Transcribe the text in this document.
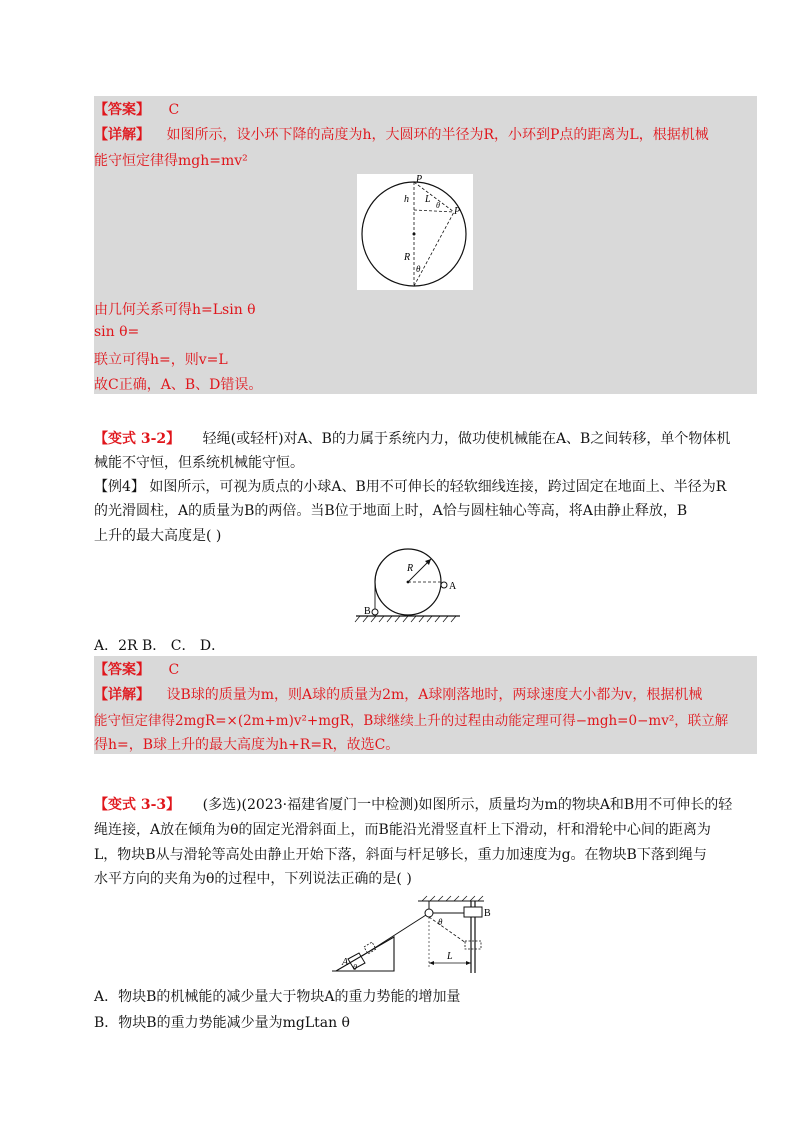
【答案】 C
【详解】 如图所示，设小环下降的高度为h，大圆环的半径为R，小环到P点的距离为L，根据机械
能守恒定律得mgh=mv²
P
h L
θ
P
R
θ
由几何关系可得h=Lsin θ
sin θ=
联立可得h=，则v=L
故C正确，A、B、D错误。
【变式 3-2】 轻绳(或轻杆)对A、B的力属于系统内力，做功使机械能在A、B之间转移，单个物体机
械能不守恒，但系统机械能守恒。
【例4】 如图所示，可视为质点的小球A、B用不可伸长的轻软细线连接，跨过固定在地面上、半径为R
的光滑圆柱，A的质量为B的两倍。当B位于地面上时，A恰与圆柱轴心等高，将A由静止释放，B
上升的最大高度是( )
R
A
B
A．2R B． C． D．
【答案】 C
【详解】 设B球的质量为m，则A球的质量为2m，A球刚落地时，两球速度大小都为v，根据机械
能守恒定律得2mgR=×(2m+m)v²+mgR，B球继续上升的过程由动能定理可得−mgh=0−mv²，联立解
得h=，B球上升的最大高度为h+R=R，故选C。
【变式 3-3】 (多选)(2023·福建省厦门一中检测)如图所示，质量均为m的物块A和B用不可伸长的轻
绳连接，A放在倾角为θ的固定光滑斜面上，而B能沿光滑竖直杆上下滑动，杆和滑轮中心间的距离为
L，物块B从与滑轮等高处由静止开始下落，斜面与杆足够长，重力加速度为g。在物块B下落到绳与
水平方向的夹角为θ的过程中，下列说法正确的是( )
A θ
θ
B
L
A．物块B的机械能的减少量大于物块A的重力势能的增加量
B．物块B的重力势能减少量为mgLtan θ
